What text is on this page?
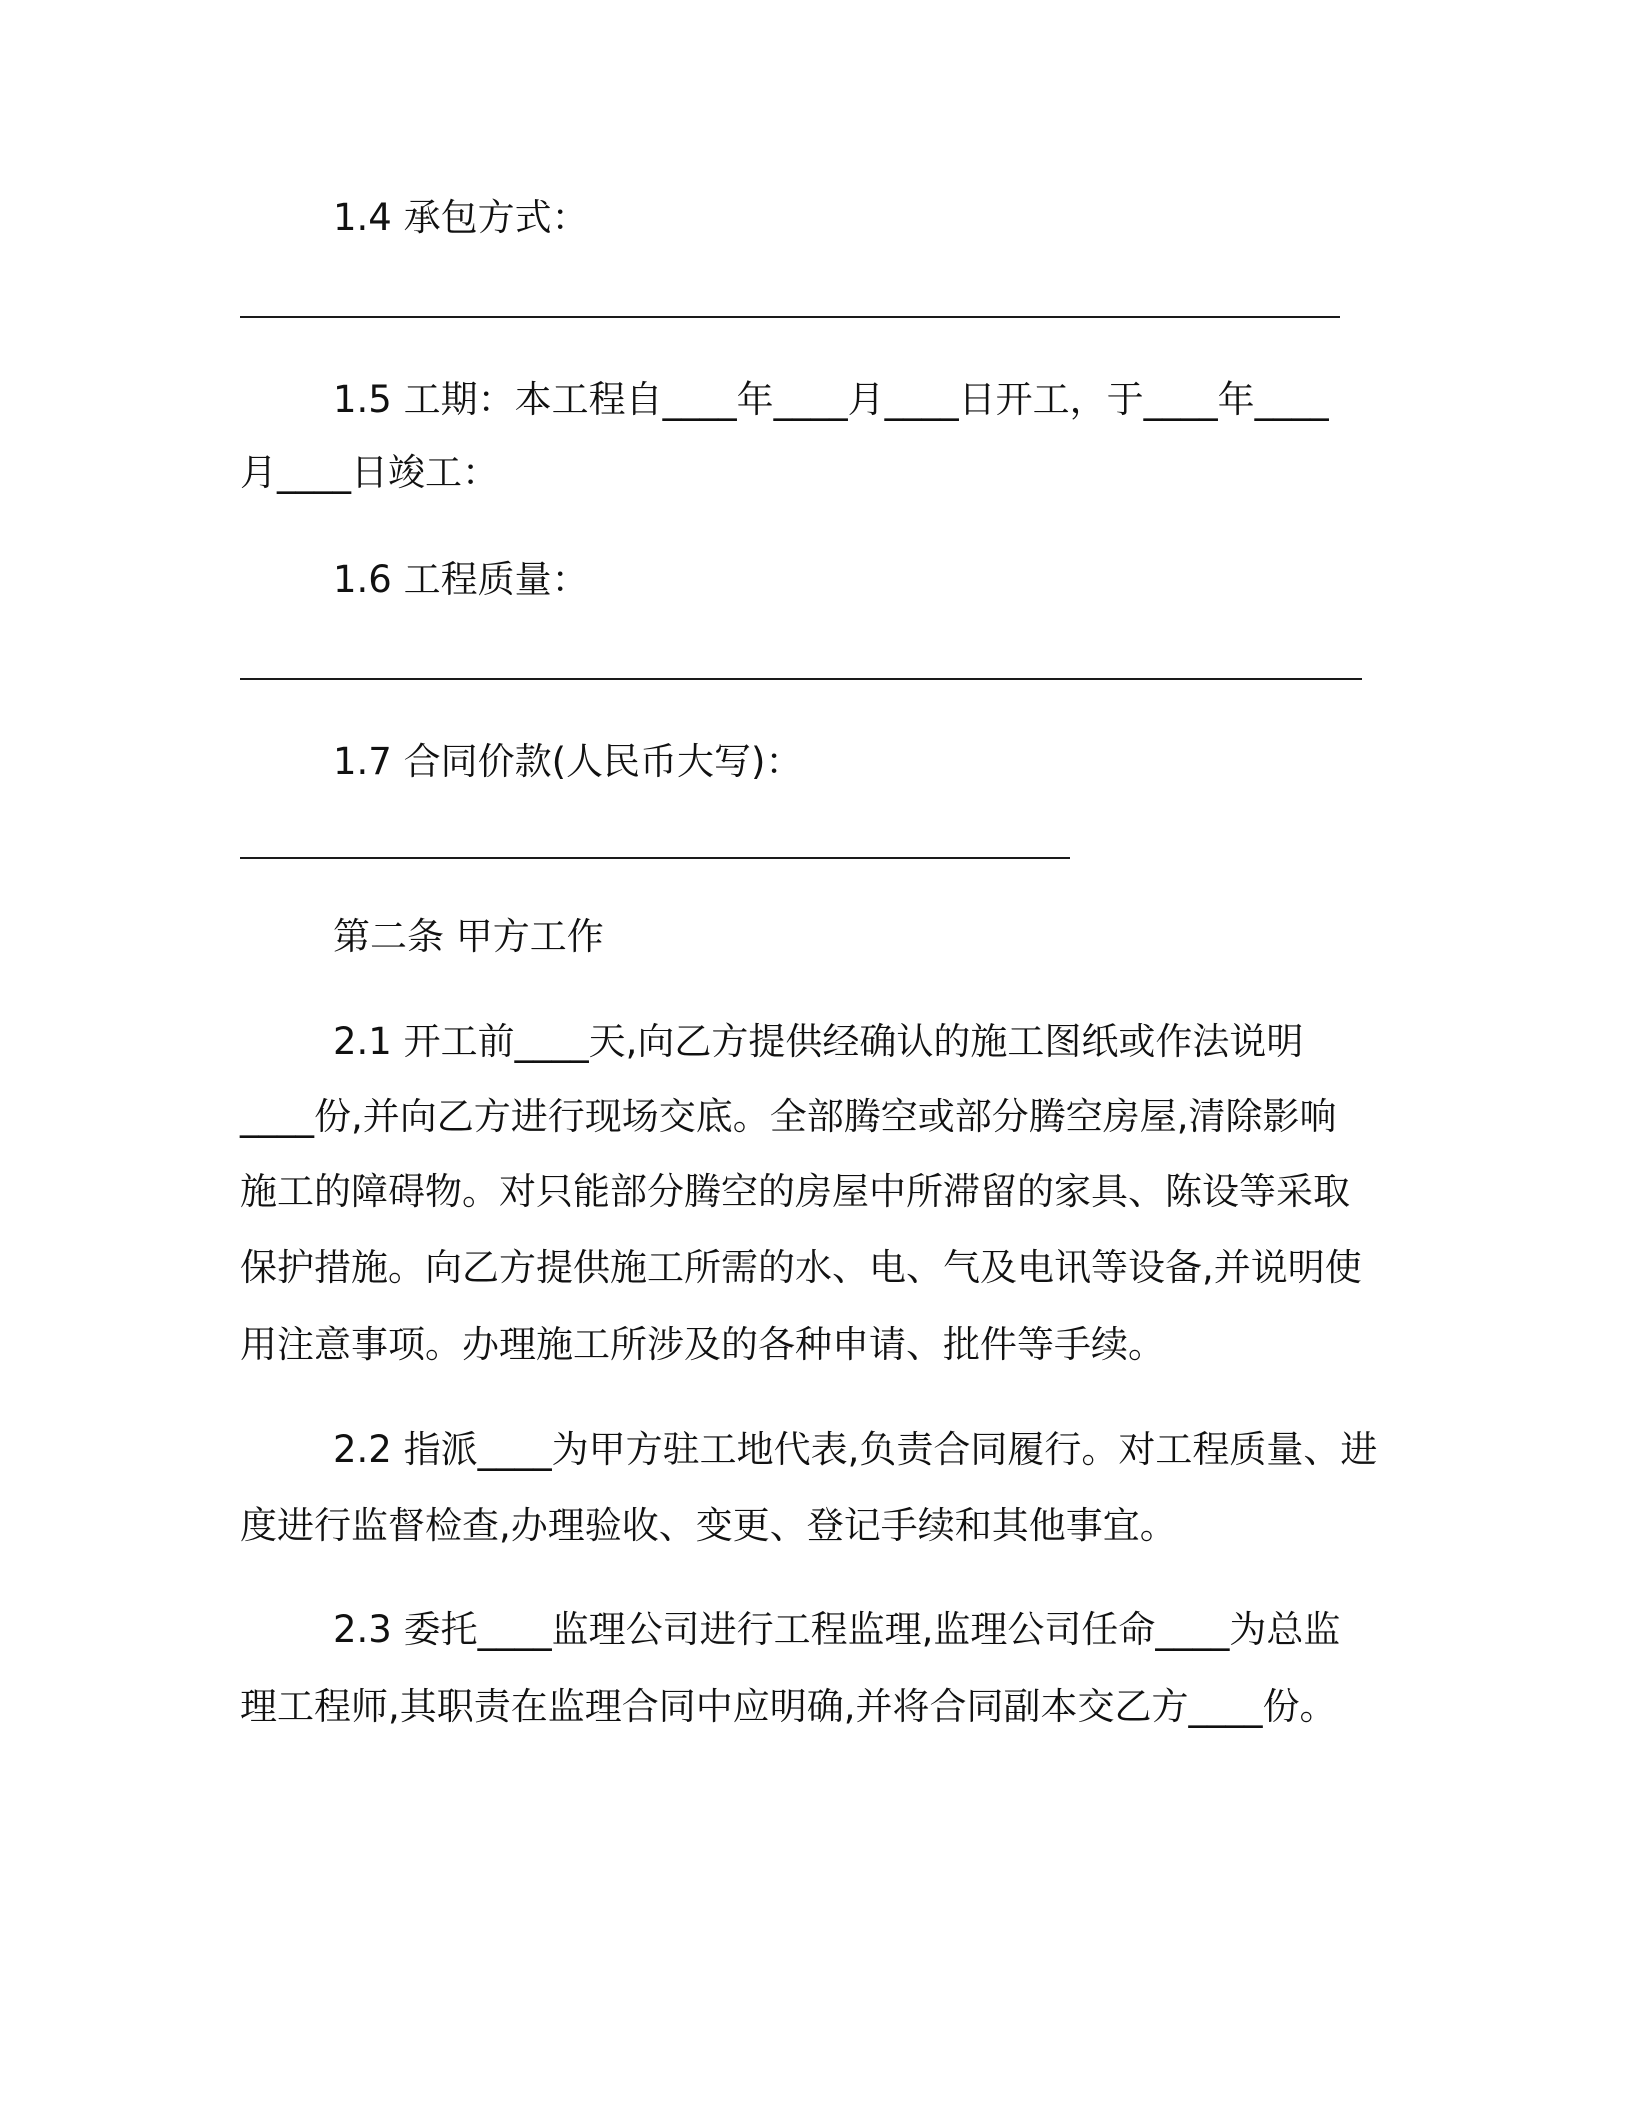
1.4 承包方式：
1.5 工期：本工程自____年____月____日开工，于____年____
月____日竣工：
1.6 工程质量：
1.7 合同价款(人民币大写)：
第二条 甲方工作
2.1 开工前____天,向乙方提供经确认的施工图纸或作法说明
____份,并向乙方进行现场交底。全部腾空或部分腾空房屋,清除影响
施工的障碍物。对只能部分腾空的房屋中所滞留的家具、陈设等采取
保护措施。向乙方提供施工所需的水、电、气及电讯等设备,并说明使
用注意事项。办理施工所涉及的各种申请、批件等手续。
2.2 指派____为甲方驻工地代表,负责合同履行。对工程质量、进
度进行监督检查,办理验收、变更、登记手续和其他事宜。
2.3 委托____监理公司进行工程监理,监理公司任命____为总监
理工程师,其职责在监理合同中应明确,并将合同副本交乙方____份。
